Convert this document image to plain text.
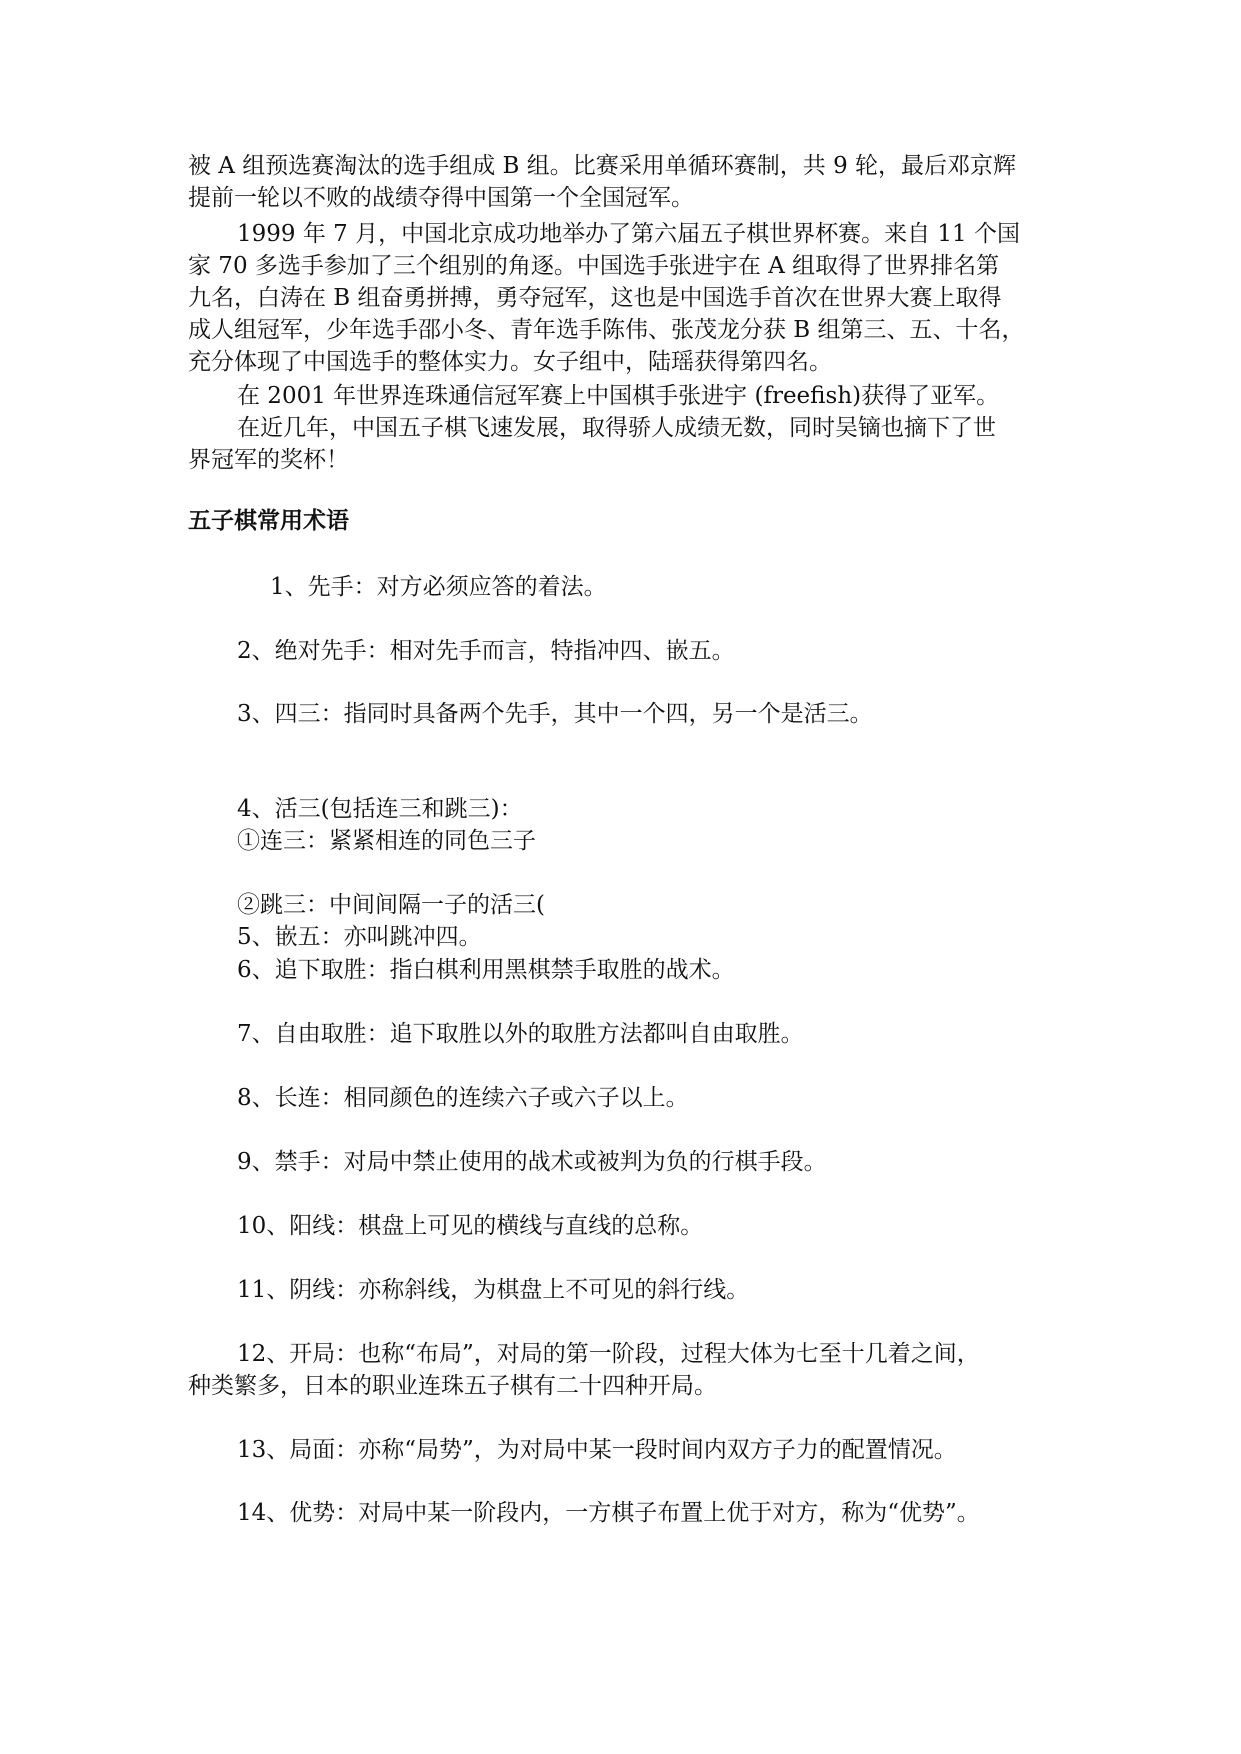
被 A 组预选赛淘汰的选手组成 B 组。比赛采用单循环赛制，共 9 轮，最后邓京辉
提前一轮以不败的战绩夺得中国第一个全国冠军。
1999 年 7 月，中国北京成功地举办了第六届五子棋世界杯赛。来自 11 个国
家 70 多选手参加了三个组别的角逐。中国选手张进宇在 A 组取得了世界排名第
九名，白涛在 B 组奋勇拼搏，勇夺冠军，这也是中国选手首次在世界大赛上取得
成人组冠军，少年选手邵小冬、青年选手陈伟、张茂龙分获 B 组第三、五、十名，
充分体现了中国选手的整体实力。女子组中，陆瑶获得第四名。
在 2001 年世界连珠通信冠军赛上中国棋手张进宇 (freefish)获得了亚军。
在近几年，中国五子棋飞速发展，取得骄人成绩无数，同时吴镝也摘下了世
界冠军的奖杯！
五子棋常用术语
1、先手：对方必须应答的着法。
2、绝对先手：相对先手而言，特指冲四、嵌五。
3、四三：指同时具备两个先手，其中一个四，另一个是活三。
4、活三(包括连三和跳三)：
①连三：紧紧相连的同色三子
②跳三：中间间隔一子的活三(
5、嵌五：亦叫跳冲四。
6、追下取胜：指白棋利用黑棋禁手取胜的战术。
7、自由取胜：追下取胜以外的取胜方法都叫自由取胜。
8、长连：相同颜色的连续六子或六子以上。
9、禁手：对局中禁止使用的战术或被判为负的行棋手段。
10、阳线：棋盘上可见的横线与直线的总称。
11、阴线：亦称斜线，为棋盘上不可见的斜行线。
12、开局：也称“布局”，对局的第一阶段，过程大体为七至十几着之间，
种类繁多，日本的职业连珠五子棋有二十四种开局。
13、局面：亦称“局势”，为对局中某一段时间内双方子力的配置情况。
14、优势：对局中某一阶段内，一方棋子布置上优于对方，称为“优势”。
